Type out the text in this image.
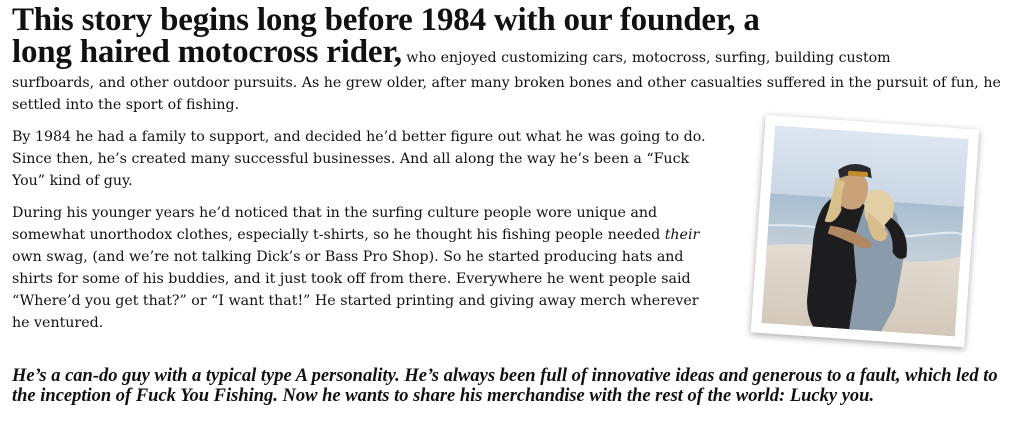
This story begins long before 1984 with our founder, a
long haired motocross rider, who enjoyed customizing cars, motocross, surfing, building custom

surfboards, and other outdoor pursuits. As he grew older, after many broken bones and other casualties suffered in the pursuit of fun, he settled into the sport of fishing.

By 1984 he had a family to support, and decided he’d better figure out what he was going to do. Since then, he’s created many successful businesses. And all along the way he’s been a “Fuck You” kind of guy.

During his younger years he’d noticed that in the surfing culture people wore unique and somewhat unorthodox clothes, especially t-shirts, so he thought his fishing people needed their own swag, (and we’re not talking Dick’s or Bass Pro Shop). So he started producing hats and shirts for some of his buddies, and it just took off from there. Everywhere he went people said “Where’d you get that?” or “I want that!” He started printing and giving away merch wherever he ventured.

He’s a can-do guy with a typical type A personality. He’s always been full of innovative ideas and generous to a fault, which led to the inception of Fuck You Fishing. Now he wants to share his merchandise with the rest of the world: Lucky you.
